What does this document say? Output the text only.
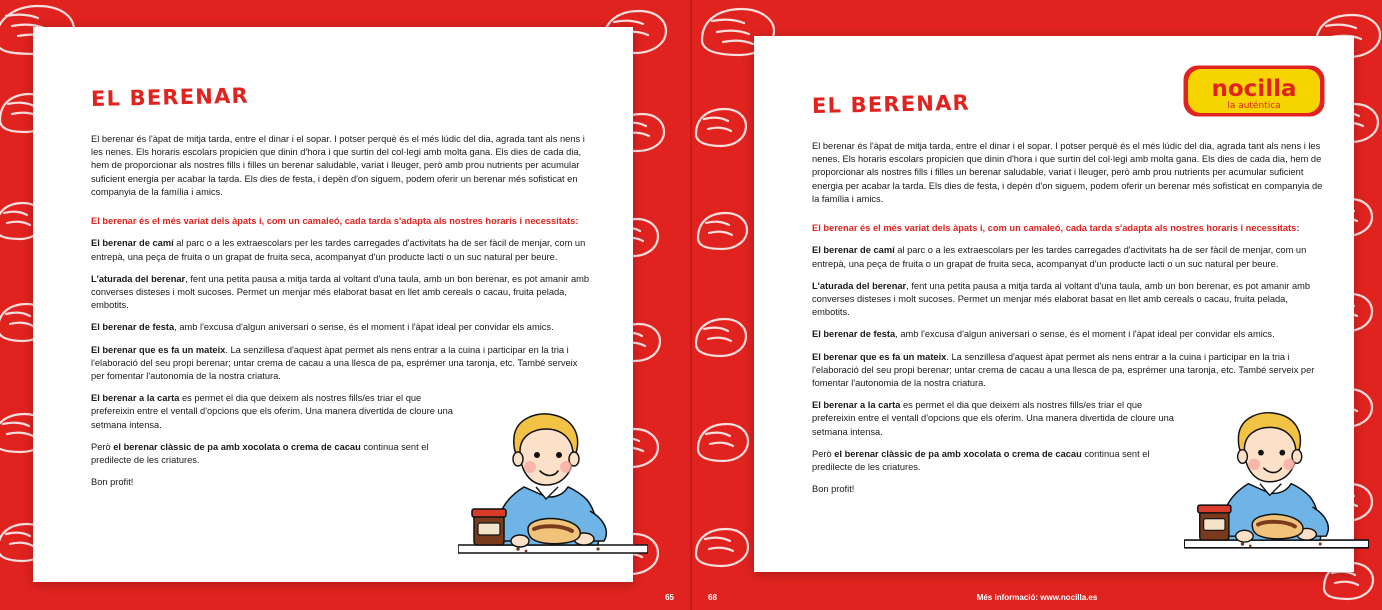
EL BERENAR

El berenar és l'àpat de mitja tarda, entre el dinar i el sopar. I potser perquè és el més lúdic del dia, agrada tant als nens i les nenes. Els horaris escolars propicien que dinin d'hora i que surtin del col·legi amb molta gana. Els dies de cada dia, hem de proporcionar als nostres fills i filles un berenar saludable, variat i lleuger, però amb prou nutrients per acumular suficient energia per acabar la tarda. Els dies de festa, i depèn d'on siguem, podem oferir un berenar més sofisticat en companyia de la família i amics.

El berenar és el més variat dels àpats i, com un camaleó, cada tarda s'adapta als nostres horaris i necessitats:

El berenar de camí al parc o a les extraescolars per les tardes carregades d'activitats ha de ser fàcil de menjar, com un entrepà, una peça de fruita o un grapat de fruita seca, acompanyat d'un producte lacti o un suc natural per beure.

L'aturada del berenar, fent una petita pausa a mitja tarda al voltant d'una taula, amb un bon berenar, es pot amanir amb converses disteses i molt sucoses. Permet un menjar més elaborat basat en llet amb cereals o cacau, fruita pelada, embotits.

El berenar de festa, amb l'excusa d'algun aniversari o sense, és el moment i l'àpat ideal per convidar els amics.

El berenar que es fa un mateix. La senzillesa d'aquest àpat permet als nens entrar a la cuina i participar en la tria i l'elaboració del seu propi berenar; untar crema de cacau a una llesca de pa, esprémer una taronja, etc. També serveix per fomentar l'autonomia de la nostra criatura.

El berenar a la carta es permet el dia que deixem als nostres fills/es triar el que prefereixin entre el ventall d'opcions que els oferim. Una manera divertida de cloure una setmana intensa.

Però el berenar clàssic de pa amb xocolata o crema de cacau continua sent el predilecte de les criatures.

Bon profit!

65
nocilla
la auténtica
EL BERENAR

El berenar és l'àpat de mitja tarda, entre el dinar i el sopar. I potser perquè és el més lúdic del dia, agrada tant als nens i les nenes. Els horaris escolars propicien que dinin d'hora i que surtin del col·legi amb molta gana. Els dies de cada dia, hem de proporcionar als nostres fills i filles un berenar saludable, variat i lleuger, però amb prou nutrients per acumular suficient energia per acabar la tarda. Els dies de festa, i depèn d'on siguem, podem oferir un berenar més sofisticat en companyia de la família i amics.

El berenar és el més variat dels àpats i, com un camaleó, cada tarda s'adapta als nostres horaris i necessitats:

El berenar de camí al parc o a les extraescolars per les tardes carregades d'activitats ha de ser fàcil de menjar, com un entrepà, una peça de fruita o un grapat de fruita seca, acompanyat d'un producte lacti o un suc natural per beure.

L'aturada del berenar, fent una petita pausa a mitja tarda al voltant d'una taula, amb un bon berenar, es pot amanir amb converses disteses i molt sucoses. Permet un menjar més elaborat basat en llet amb cereals o cacau, fruita pelada, embotits.

El berenar de festa, amb l'excusa d'algun aniversari o sense, és el moment i l'àpat ideal per convidar els amics.

El berenar que es fa un mateix. La senzillesa d'aquest àpat permet als nens entrar a la cuina i participar en la tria i l'elaboració del seu propi berenar; untar crema de cacau a una llesca de pa, esprémer una taronja, etc. També serveix per fomentar l'autonomia de la nostra criatura.

El berenar a la carta es permet el dia que deixem als nostres fills/es triar el que prefereixin entre el ventall d'opcions que els oferim. Una manera divertida de cloure una setmana intensa.

Però el berenar clàssic de pa amb xocolata o crema de cacau continua sent el predilecte de les criatures.

Bon profit!

68	Més informació: www.nocilla.es
